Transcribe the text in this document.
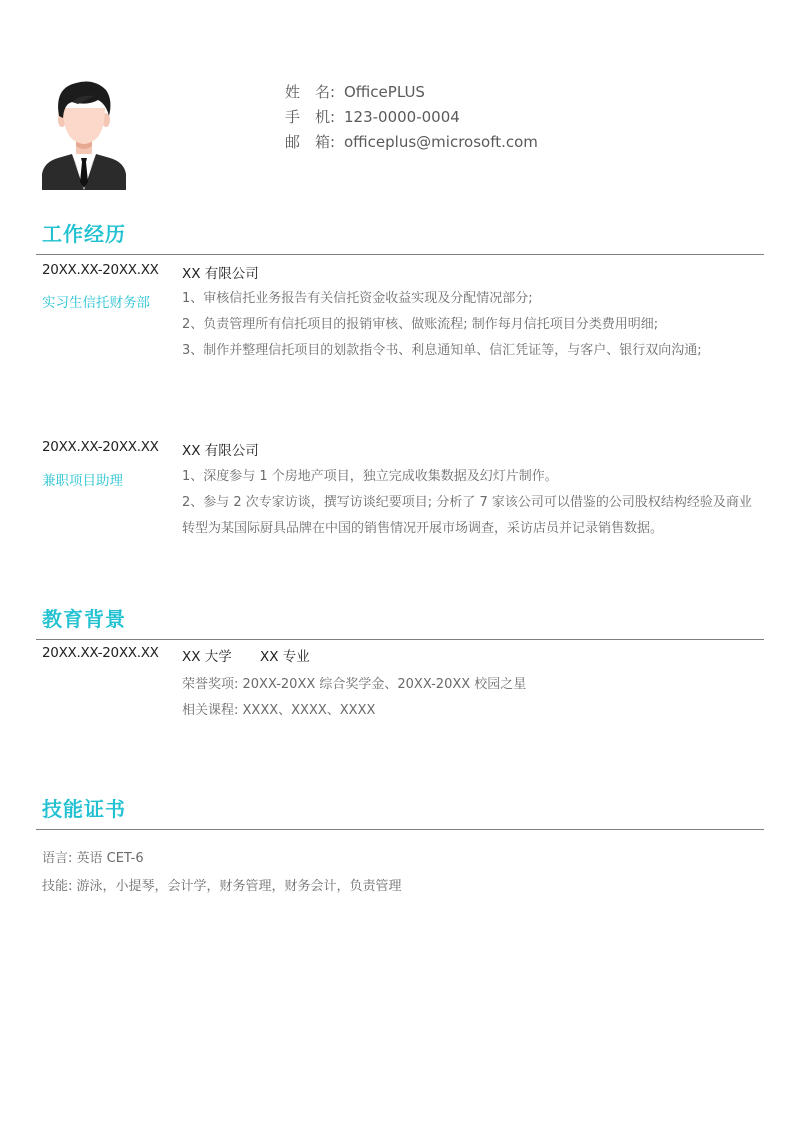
姓　名: OfficePLUS
手　机: 123-0000-0004
邮　箱: officeplus@microsoft.com
工作经历
20XX.XX-20XX.XX XX 有限公司
实习生信托财务部 1、审核信托业务报告有关信托资金收益实现及分配情况部分;
2、负责管理所有信托项目的报销审核、做账流程; 制作每月信托项目分类费用明细;
3、制作并整理信托项目的划款指令书、利息通知单、信汇凭证等，与客户、银行双向沟通;
20XX.XX-20XX.XX XX 有限公司
兼职项目助理	1、深度参与 1 个房地产项目，独立完成收集数据及幻灯片制作。
2、参与 2 次专家访谈，撰写访谈纪要项目; 分析了 7 家该公司可以借鉴的公司股权结构经验及商业转型为某国际厨具品牌在中国的销售情况开展市场调查，采访店员并记录销售数据。
教育背景
20XX.XX-20XX.XX XX 大学 XX 专业
荣誉奖项: 20XX-20XX 综合奖学金、20XX-20XX 校园之星
相关课程: XXXX、XXXX、XXXX
技能证书
语言: 英语 CET-6
技能: 游泳，小提琴，会计学，财务管理，财务会计，负责管理
